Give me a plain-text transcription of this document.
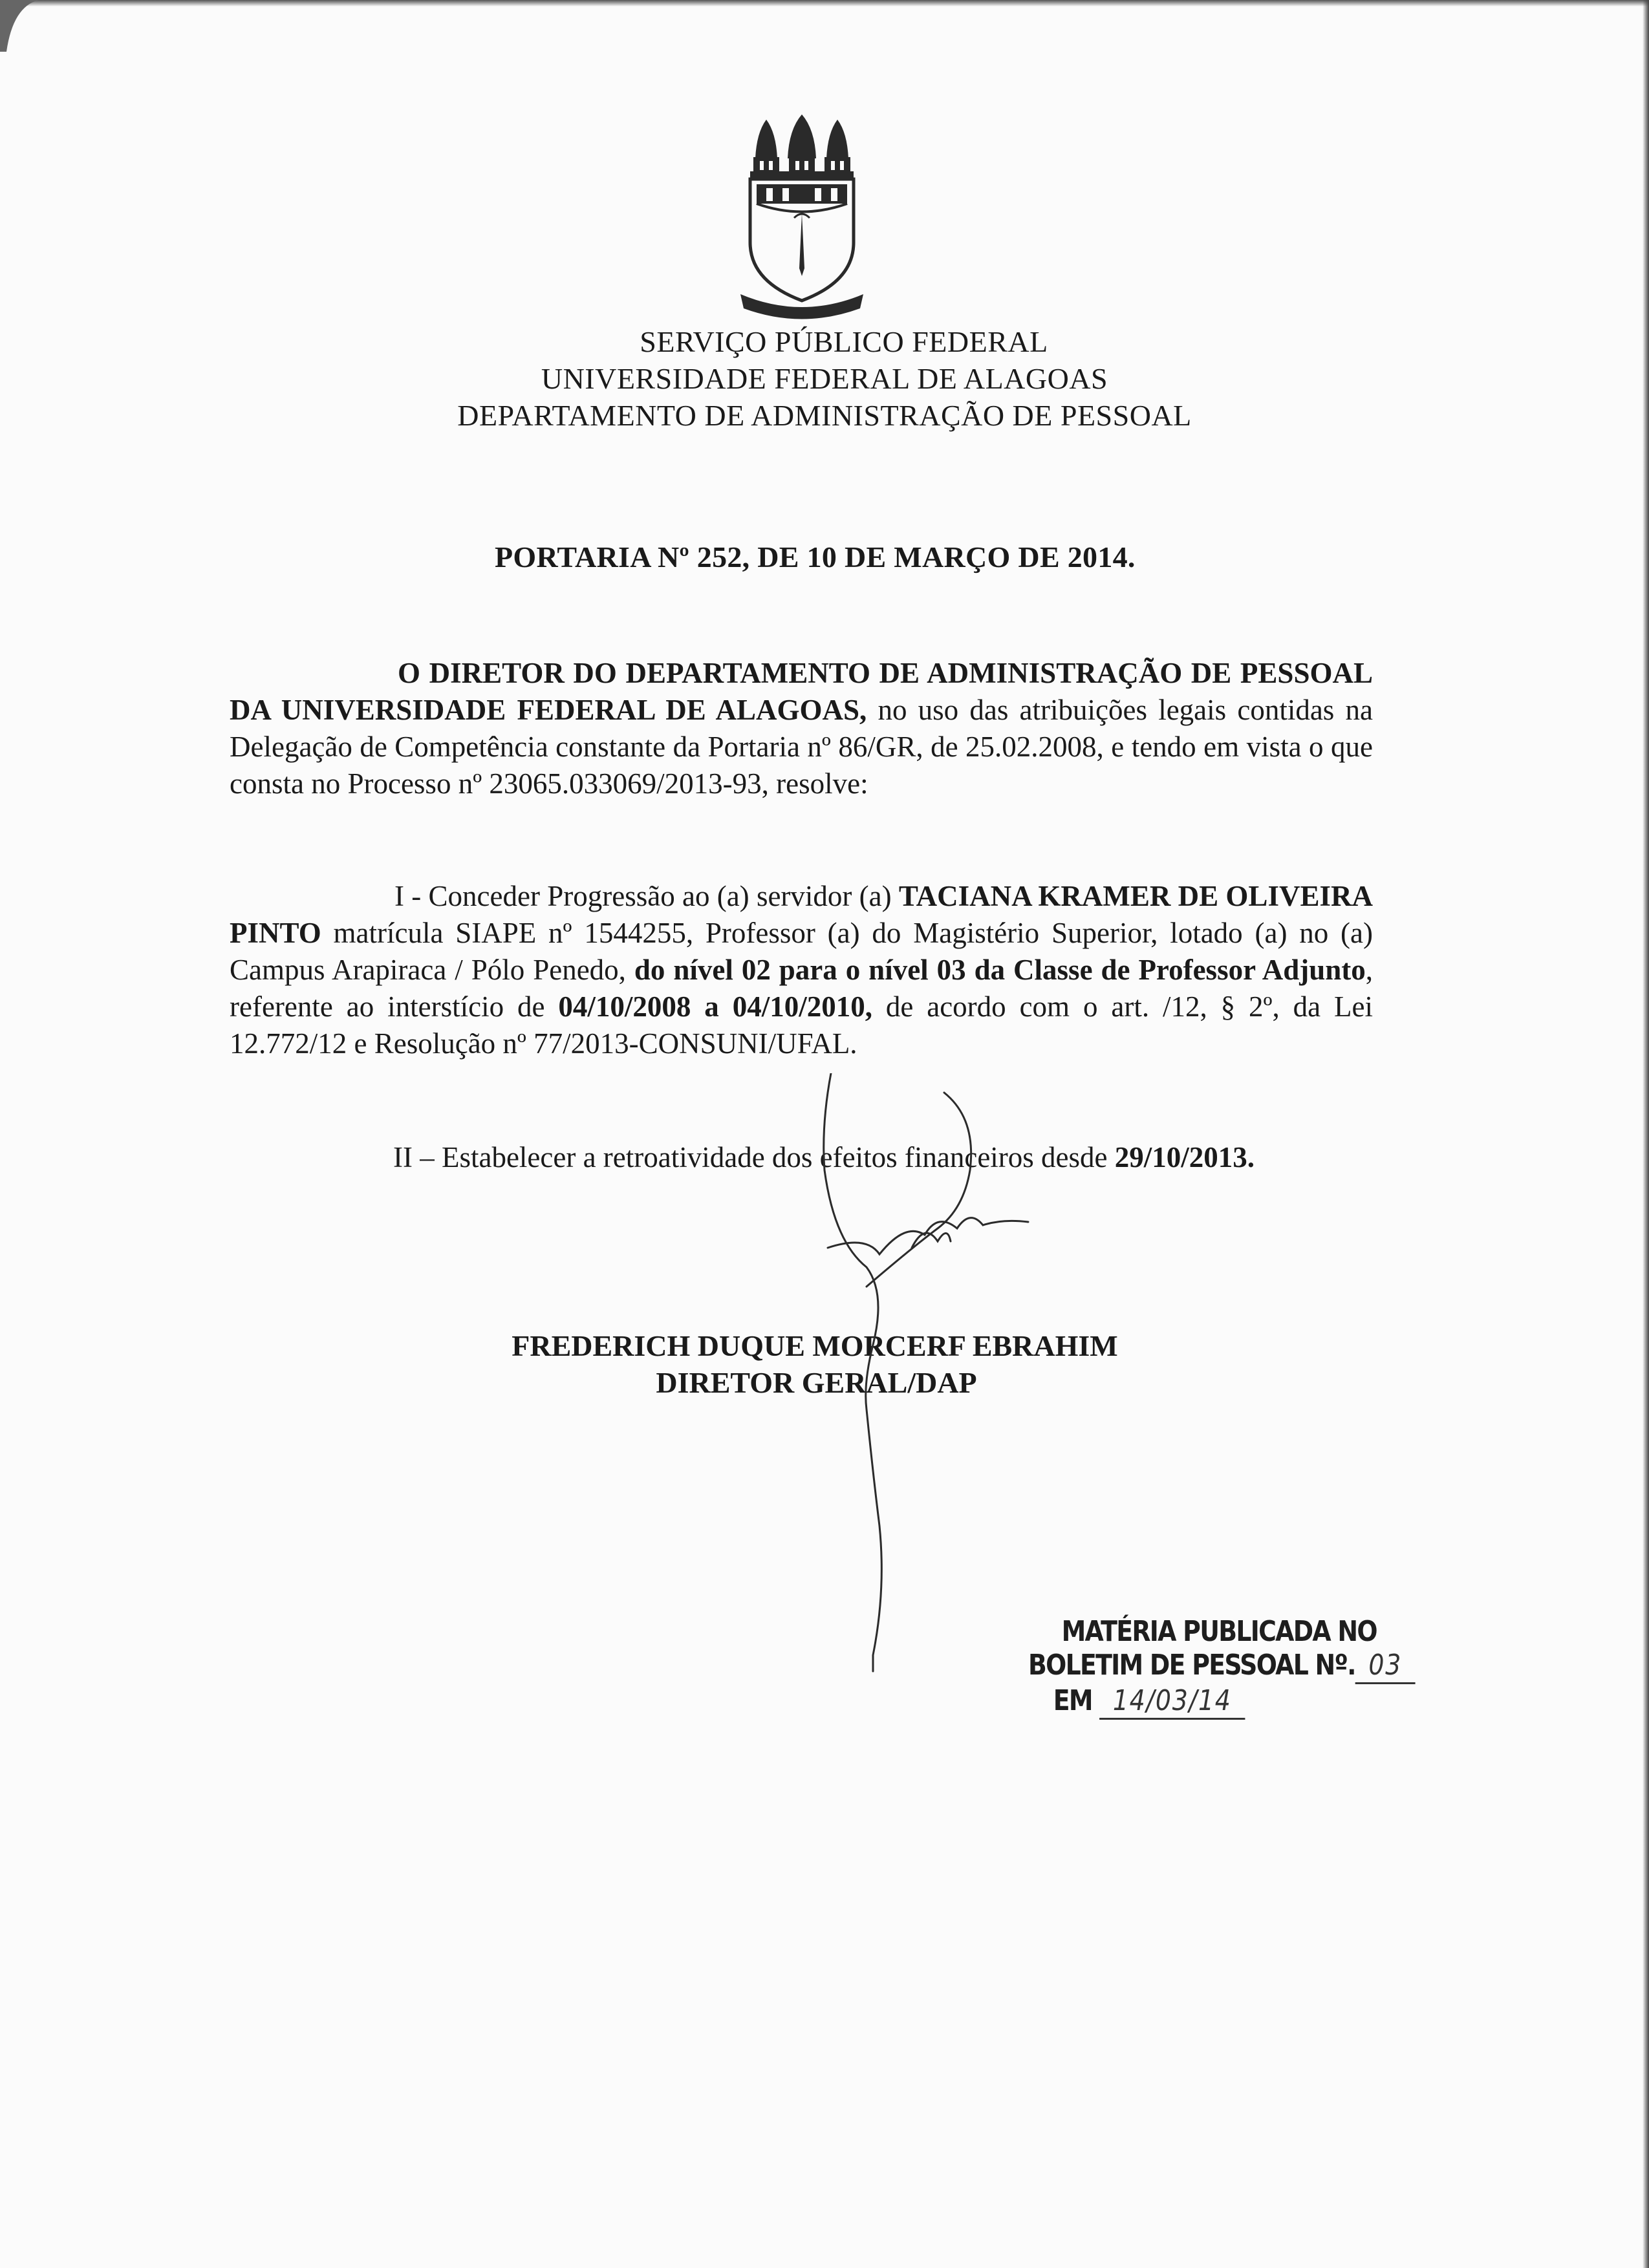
SERVIÇO PÚBLICO FEDERAL
UNIVERSIDADE FEDERAL DE ALAGOAS
DEPARTAMENTO DE ADMINISTRAÇÃO DE PESSOAL
PORTARIA Nº 252, DE 10 DE MARÇO DE 2014.
O DIRETOR DO DEPARTAMENTO DE ADMINISTRAÇÃO DE PESSOAL DA UNIVERSIDADE FEDERAL DE ALAGOAS, no uso das atribuições legais contidas na Delegação de Competência constante da Portaria nº 86/GR, de 25.02.2008, e tendo em vista o que consta no Processo nº 23065.033069/2013-93, resolve:
I - Conceder Progressão ao (a) servidor (a) TACIANA KRAMER DE OLIVEIRA PINTO matrícula SIAPE nº 1544255, Professor (a) do Magistério Superior, lotado (a) no (a) Campus Arapiraca / Pólo Penedo, do nível 02 para o nível 03 da Classe de Professor Adjunto, referente ao interstício de 04/10/2008 a 04/10/2010, de acordo com o art. /12, § 2º, da Lei 12.772/12 e Resolução nº 77/2013-CONSUNI/UFAL.
II – Estabelecer a retroatividade dos efeitos financeiros desde 29/10/2013.
FREDERICH DUQUE MORCERF EBRAHIM
DIRETOR GERAL/DAP
MATÉRIA PUBLICADA NO
BOLETIM DE PESSOAL Nº. 03
EM 14/03/14
